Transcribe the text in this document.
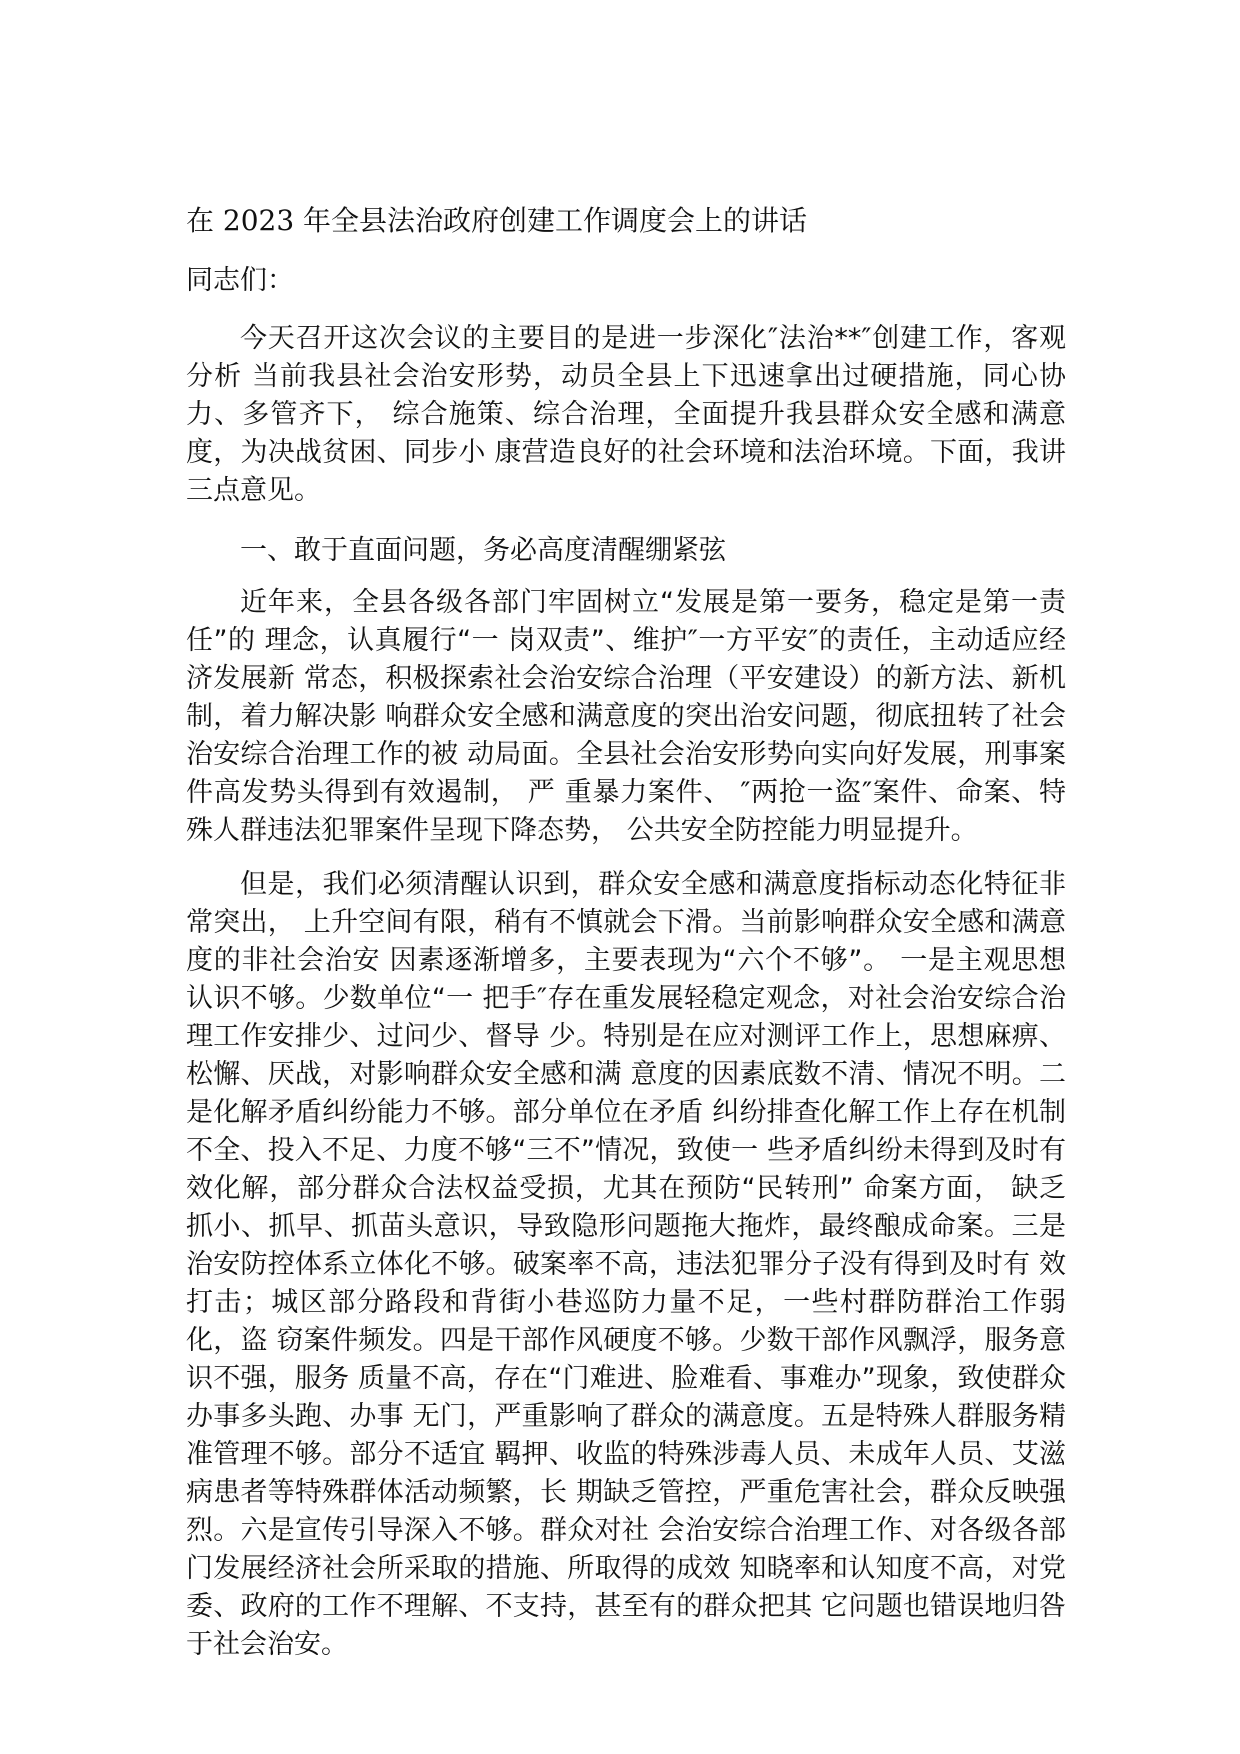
在 2023 年全县法治政府创建工作调度会上的讲话
同志们：

今天召开这次会议的主要目的是进一步深化″法治**″创建工作，客观分析 当前我县社会治安形势，动员全县上下迅速拿出过硬措施，同心协力、多管齐下， 综合施策、综合治理，全面提升我县群众安全感和满意度，为决战贫困、同步小 康营造良好的社会环境和法治环境。下面，我讲三点意见。

一、敢于直面问题，务必高度清醒绷紧弦

近年来，全县各级各部门牢固树立“发展是第一要务，稳定是第一责任”的 理念，认真履行“一 岗双责”、维护″一方平安″的责任，主动适应经济发展新 常态，积极探索社会治安综合治理（平安建设）的新方法、新机制，着力解决影 响群众安全感和满意度的突出治安问题，彻底扭转了社会治安综合治理工作的被 动局面。全县社会治安形势向实向好发展，刑事案件高发势头得到有效遏制， 严 重暴力案件、 ″两抢一盗″案件、命案、特殊人群违法犯罪案件呈现下降态势， 公共安全防控能力明显提升。

但是，我们必须清醒认识到，群众安全感和满意度指标动态化特征非常突出， 上升空间有限，稍有不慎就会下滑。当前影响群众安全感和满意度的非社会治安 因素逐渐增多，主要表现为“六个不够”。 一是主观思想认识不够。少数单位“一 把手″存在重发展轻稳定观念，对社会治安综合治理工作安排少、过问少、督导 少。特别是在应对测评工作上，思想麻痹、松懈、厌战，对影响群众安全感和满 意度的因素底数不清、情况不明。二是化解矛盾纠纷能力不够。部分单位在矛盾 纠纷排查化解工作上存在机制不全、投入不足、力度不够“三不”情况，致使一 些矛盾纠纷未得到及时有效化解，部分群众合法权益受损，尤其在预防“民转刑” 命案方面， 缺乏抓小、抓早、抓苗头意识，导致隐形问题拖大拖炸，最终酿成命案。三是治安防控体系立体化不够。破案率不高，违法犯罪分子没有得到及时有 效打击；城区部分路段和背街小巷巡防力量不足，一些村群防群治工作弱化，盗 窃案件频发。四是干部作风硬度不够。少数干部作风飘浮，服务意识不强，服务 质量不高，存在“门难进、脸难看、事难办”现象，致使群众办事多头跑、办事 无门，严重影响了群众的满意度。五是特殊人群服务精准管理不够。部分不适宜 羁押、收监的特殊涉毒人员、未成年人员、艾滋病患者等特殊群体活动频繁，长 期缺乏管控，严重危害社会，群众反映强烈。六是宣传引导深入不够。群众对社 会治安综合治理工作、对各级各部门发展经济社会所采取的措施、所取得的成效 知晓率和认知度不高，对党委、政府的工作不理解、不支持，甚至有的群众把其 它问题也错误地归咎于社会治安。
